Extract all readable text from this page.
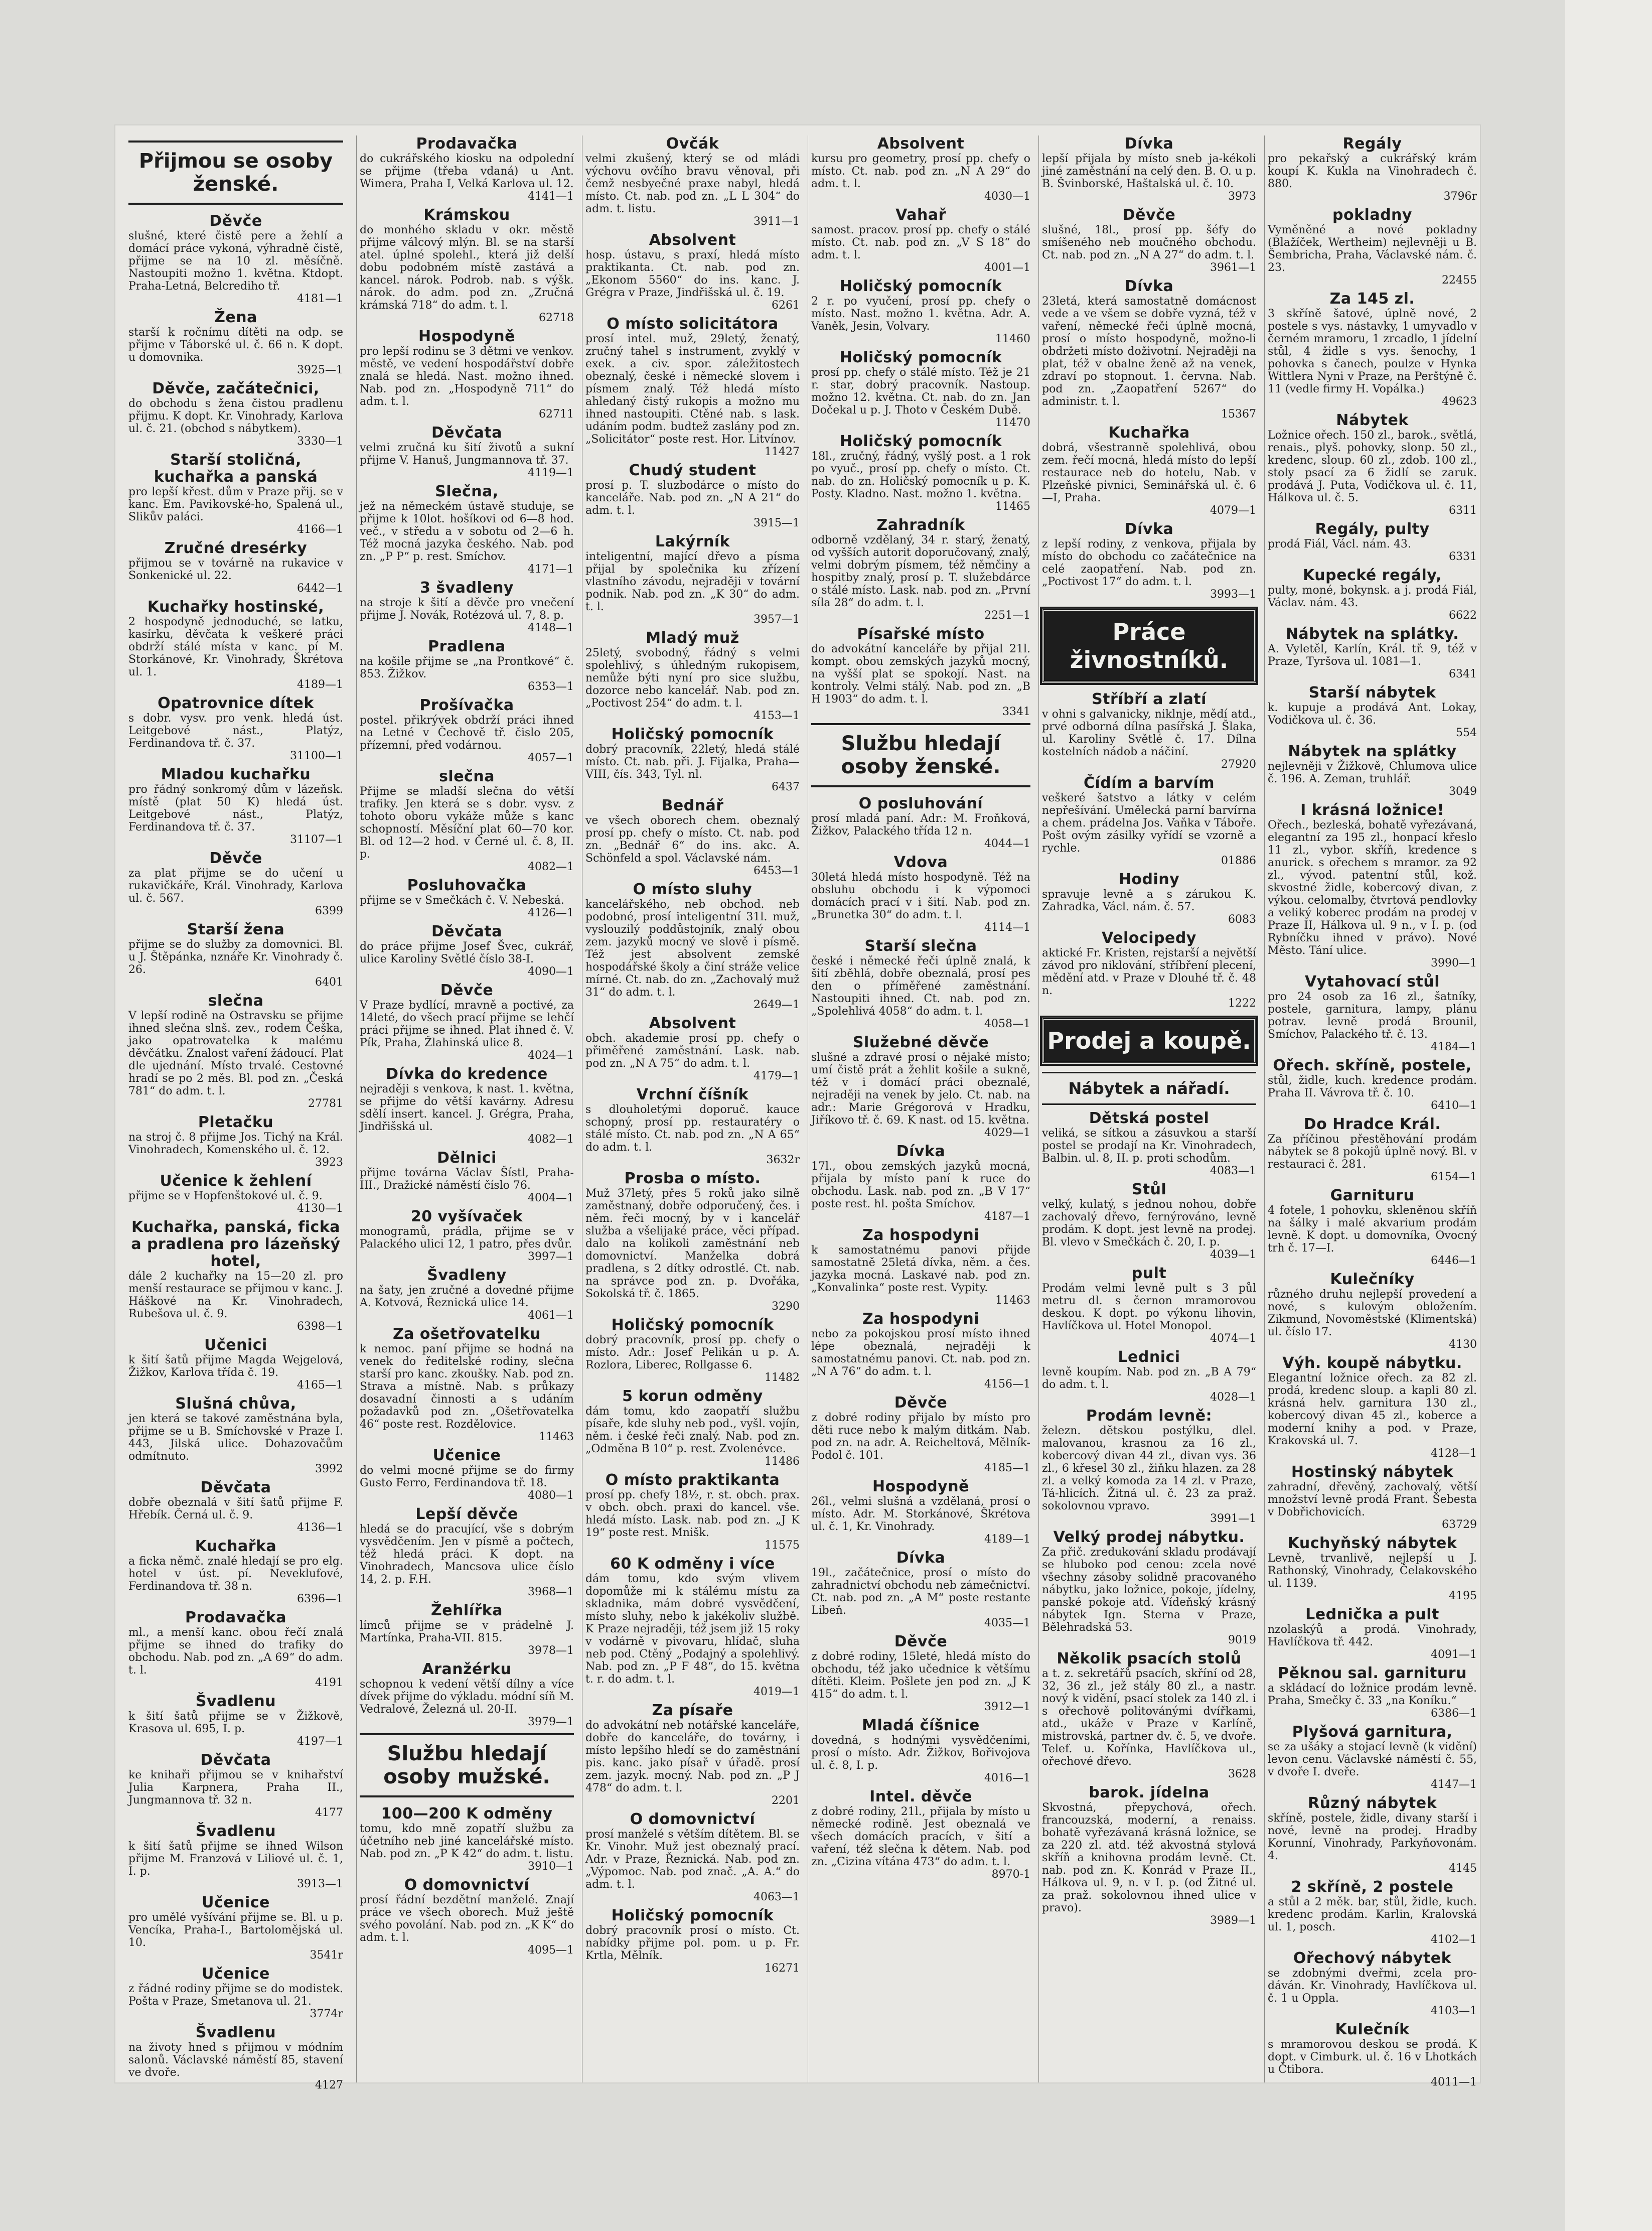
Přijmou se osoby ženské.
Děvče
slušné, které čistě pere a žehlí a domácí práce vykoná, výhradně čistě, přijme se na 10 zl. měsíčně. Nastoupiti možno 1. května. Ktdopt. Praha-Letná, Belcrediho tř.
4181—1
Žena
starší k ročnímu dítěti na odp. se přijme v Táborské ul. č. 66 n. K dopt. u domovnika.
3925—1
Děvče, začátečnici,
do obchodu s žena čistou pradlenu přijmu. K dopt. Kr. Vinohrady, Karlova ul. č. 21. (obchod s nábytkem).
3330—1
Starší stoličná, kuchařka a panská
pro lepší křest. dům v Praze přij. se v kanc. Em. Pavikovské-ho, Spalená ul., Slikův paláci.
4166—1
Zručné dresérky
přijmou se v továrně na rukavice v Sonkenické ul. 22.
6442—1
Kuchařky hostinské,
2 hospodyně jednoduché, se latku, kasírku, děvčata k veškeré práci obdrží stálé místa v kanc. pí M. Storkánové, Kr. Vinohrady, Škrétova ul. 1.
4189—1
Opatrovnice dítek
s dobr. vysv. pro venk. hledá úst. Leitgebové nást., Platýz, Ferdinandova tř. č. 37.
31100—1
Mladou kuchařku
pro řádný sonkromý dům v lázeňsk. místě (plat 50 K) hledá úst. Leitgebové nást., Platýz, Ferdinandova tř. č. 37.
31107—1
Děvče
za plat přijme se do učení u rukavičkáře, Král. Vinohrady, Karlova ul. č. 567.
6399
Starší žena
přijme se do služby za domovnici. Bl. u J. Štěpánka, nznáře Kr. Vinohrady č. 26.
6401
slečna
V lepší rodině na Ostravsku se přijme ihned slečna slnš. zev., rodem Češka, jako opatrovatelka k malému děvčátku. Znalost vaření žádoucí. Plat dle ujednání. Místo trvalé. Cestovné hradí se po 2 měs. Bl. pod zn. „Česká 781“ do adm. t. l.
27781
Pletačku
na stroj č. 8 přijme Jos. Tichý na Král. Vinohradech, Komenského ul. č. 12.
3923
Učenice k žehlení
přijme se v Hopfenštokové ul. č. 9.
4130—1
Kuchařka, panská, ficka a pradlena pro lázeňský hotel,
dále 2 kuchařky na 15—20 zl. pro menší restaurace se přijmou v kanc. J. Háškové na Kr. Vinohradech, Rubešova ul. č. 9.
6398—1
Učenici
k šití šatů přijme Magda Wejgelová, Žižkov, Karlova třída č. 19.
4165—1
Slušná chůva,
jen která se takové zaměstnána byla, přijme se u B. Smíchovské v Praze I. 443, Jilská ulice. Dohazovačům odmítnuto.
3992
Děvčata
dobře obeznalá v šití šatů přijme F. Hřebík. Černá ul. č. 9.
4136—1
Kuchařka
a ficka němč. znalé hledají se pro elg. hotel v úst. pí. Neveklufové, Ferdinandova tř. 38 n.
6396—1
Prodavačka
ml., a menší kanc. obou řečí znalá přijme se ihned do trafiky do obchodu. Nab. pod zn. „A 69“ do adm. t. l.
4191
Švadlenu
k šití šatů přijme se v Žižkově, Krasova ul. 695, I. p.
4197—1
Děvčata
ke knihaři přijmou se v knihařství Julia Karpnera, Praha II., Jungmannova tř. 32 n.
4177
Švadlenu
k šití šatů přijme se ihned Wilson přijme M. Franzová v Liliové ul. č. 1, I. p.
3913—1
Učenice
pro umělé vyšívání přijme se. Bl. u p. Vencíka, Praha-I., Bartolomějská ul. 10.
3541r
Učenice
z řádné rodiny přijme se do modistek. Pošta v Praze, Smetanova ul. 21.
3774r
Švadlenu
na životy hned s přijmou v módním salonů. Václavské náměstí 85, stavení ve dvoře.
4127
Prodavačka
do cukrářského kiosku na odpolední se přijme (třeba vdaná) u Ant. Wimera, Praha I, Velká Karlova ul. 12.
4141—1
Krámskou
do monhého skladu v okr. městě přijme válcový mlýn. Bl. se na starší atel. úplné spolehl., která již delší dobu podobném místě zastává a kancel. nárok. Podrob. nab. s výšk. nárok. do adm. pod zn. „Zručná krámská 718“ do adm. t. l.
62718
Hospodyně
pro lepší rodinu se 3 dětmi ve venkov. městě, ve vedení hospodářství dobře znalá se hledá. Nast. možno ihned. Nab. pod zn. „Hospodyně 711“ do adm. t. l.
62711
Děvčata
velmi zručná ku šití životů a sukní přijme V. Hanuš, Jungmannova tř. 37.
4119—1
Slečna,
jež na německém ústavě studuje, se přijme k 10lot. hošíkovi od 6—8 hod. več., v středu a v sobotu od 2—6 h. Též mocná jazyka českého. Nab. pod zn. „P P“ p. rest. Smíchov.
4171—1
3 švadleny
na stroje k šití a děvče pro vnečení přijme J. Novák, Rotézová ul. 7, 8. p.
4148—1
Pradlena
na košile přijme se „na Prontkové“ č. 853. Žižkov.
6353—1
Prošívačka
postel. přikrývek obdrží práci ihned na Letné v Čechově tř. čislo 205, přízemní, před vodárnou.
4057—1
slečna
Přijme se mladší slečna do větší trafiky. Jen která se s dobr. vysv. z tohoto oboru vykáže může s kanc schopností. Měsíční plat 60—70 kor. Bl. od 12—2 hod. v Černé ul. č. 8, II. p.
4082—1
Posluhovačka
přijme se v Smečkách č. V. Nebeská.
4126—1
Děvčata
do práce přijme Josef Švec, cukrář, ulice Karoliny Světlé číslo 38-I.
4090—1
Děvče
V Praze bydlící, mravně a poctivé, za 14leté, do všech prací přijme se lehčí práci přijme se ihned. Plat ihned č. V. Pík, Praha, Žlahinská ulice 8.
4024—1
Dívka do kredence
nejraději s venkova, k nast. 1. května, se přijme do větší kavárny. Adresu sdělí insert. kancel. J. Grégra, Praha, Jindřišská ul.
4082—1
Dělnici
přijme továrna Václav Šístl, Praha-III., Dražické náměstí číslo 76.
4004—1
20 vyšívaček
monogramů, prádla, přijme se v Palackého ulici 12, 1 patro, přes dvůr.
3997—1
Švadleny
na šaty, jen zručné a dovedné přijme A. Kotvová, Řeznická ulice 14.
4061—1
Za ošetřovatelku
k nemoc. paní přijme se hodná na venek do ředitelské rodiny, slečna starší pro kanc. zkoušky. Nab. pod zn. Strava a místně. Nab. s průkazy dosavadní činnosti a s udáním požadavků pod zn. „Ošetřovatelka 46“ poste rest. Rozdělovice.
11463
Učenice
do velmi mocné přijme se do firmy Gusto Ferro, Ferdinandova tř. 18.
4080—1
Lepší děvče
hledá se do pracující, vše s dobrým vysvědčením. Jen v písmě a počtech, též hledá práci. K dopt. na Vinohradech, Mancsova ulice číslo 14, 2. p. F.H.
3968—1
Žehlířka
límců přijme se v prádelně J. Martínka, Praha-VII. 815.
3978—1
Aranžérku
schopnou k vedení větší dílny a více dívek přijme do výkladu. módní síň M. Vedralové, Železná ul. 20-II.
3979—1
Službu hledají osoby mužské.
100—200 K odměny
tomu, kdo mně zopatří službu za účetního neb jiné kancelářské místo. Nab. pod zn. „P K 42“ do adm. t. listu.
3910—1
O domovnictví
prosí řádní bezdětní manželé. Znají práce ve všech oborech. Muž ještě svého povolání. Nab. pod zn. „K K“ do adm. t. l.
4095—1
Ovčák
velmi zkušený, který se od mládi výchovu ovčího bravu věnoval, při čemž nesbyečné praxe nabyl, hledá místo. Ct. nab. pod zn. „L L 304“ do adm. t. listu.
3911—1
Absolvent
hosp. ústavu, s praxí, hledá místo praktikanta. Ct. nab. pod zn. „Ekonom 5560“ do ins. kanc. J. Grégra v Praze, Jindřišská ul. č. 19.
6261
O místo solicitátora
prosí intel. muž, 29letý, ženatý, zručný tahel s instrument, zvyklý v exek. a civ. spor. záležitostech obeznalý, české i německé slovem i písmem znalý. Též hledá místo ahledaný čistý rukopis a možno mu ihned nastoupiti. Ctěné nab. s lask. udáním podm. budtež zaslány pod zn. „Solicitátor“ poste rest. Hor. Litvínov.
11427
Chudý student
prosí p. T. sluzbodárce o místo do kanceláře. Nab. pod zn. „N A 21“ do adm. t. l.
3915—1
Lakýrník
inteligentní, mající dřevo a písma přijal by společnika ku zřízení vlastního závodu, nejraději v tovární podnik. Nab. pod zn. „K 30“ do adm. t. l.
3957—1
Mladý muž
25letý, svobodný, řádný s velmi spolehlivý, s úhledným rukopisem, nemůže býti nyní pro sice službu, dozorce nebo kancelář. Nab. pod zn. „Poctivost 254“ do adm. t. l.
4153—1
Holičský pomocník
dobrý pracovník, 22letý, hledá stálé místo. Ct. nab. při. J. Fijalka, Praha—VIII, čís. 343, Tyl. nl.
6437
Bednář
ve všech oborech chem. obeznalý prosí pp. chefy o místo. Ct. nab. pod zn. „Bednář 6“ do ins. akc. A. Schönfeld a spol. Václavské nám.
6453—1
O místo sluhy
kancelářského, neb obchod. neb podobné, prosí inteligentní 31l. muž, vyslouzilý poddůstojník, znalý obou zem. jazyků mocný ve slově i písmě. Též jest absolvent zemské hospodářské školy a činí stráže velice mírné. Ct. nab. do zn. „Zachovalý muž 31“ do adm. t. l.
2649—1
Absolvent
obch. akademie prosí pp. chefy o přiměřené zaměstnání. Lask. nab. pod zn. „N A 75“ do adm. t. l.
4179—1
Vrchní číšník
s dlouholetými doporuč. kauce schopný, prosí pp. restauratéry o stálé místo. Ct. nab. pod zn. „N A 65“ do adm. t. l.
3632r
Prosba o místo.
Muž 37letý, přes 5 roků jako silně zaměstnaný, dobře odporučený, čes. i něm. řeči mocný, by v i kancelář služba a všelijaké práce, věci případ. dalo na kolikoli zaměstnání neb domovnictví. Manželka dobrá pradlena, s 2 dítky odrostlé. Ct. nab. na správce pod zn. p. Dvořáka, Sokolská tř. č. 1865.
3290
Holičský pomocník
dobrý pracovník, prosí pp. chefy o místo. Adr.: Josef Pelikán u p. A. Rozlora, Liberec, Rollgasse 6.
11482
5 korun odměny
dám tomu, kdo zaopatří službu písaře, kde sluhy neb pod., vyšl. vojín, něm. i české řeči znalý. Nab. pod zn. „Odměna B 10“ p. rest. Zvolenévce.
11486
O místo praktikanta
prosí pp. chefy 18½, r. st. obch. prax. v obch. obch. praxi do kancel. vše. hledá místo. Lask. nab. pod zn. „J K 19“ poste rest. Mnišk.
11575
60 K odměny i více
dám tomu, kdo svým vlivem dopomůže mi k stálému místu za skladnika, mám dobré vysvědčení, místo sluhy, nebo k jakékoliv službě. K Praze nejraději, též jsem již 15 roky v vodárně v pivovaru, hlídač, sluha neb pod. Ctěný „Podajný a spolehlivý. Nab. pod zn. „P F 48“, do 15. května t. r. do adm. t. l.
4019—1
Za písaře
do advokátní neb notářské kanceláře, dobře do kanceláře, do továrny, i místo lepšího hledí se do zaměstnání pis. kanc. jako písař v úřadě. prosí zem. jazyk. mocný. Nab. pod zn. „P J 478“ do adm. t. l.
2201
O domovnictví
prosí manželé s větším dítětem. Bl. se Kr. Vinohr. Muž jest obeznalý prací. Adr. v Praze, Řeznická. Nab. pod zn. „Výpomoc. Nab. pod znač. „A. A.“ do adm. t. l.
4063—1
Holičský pomocník
dobrý pracovník prosí o místo. Ct. nabídky přijme pol. pom. u p. Fr. Krtla, Mělník.
16271
Absolvent
kursu pro geometry, prosí pp. chefy o místo. Ct. nab. pod zn. „N A 29“ do adm. t. l.
4030—1
Vahař
samost. pracov. prosí pp. chefy o stálé místo. Ct. nab. pod zn. „V S 18“ do adm. t. l.
4001—1
Holičský pomocník
2 r. po vyučení, prosí pp. chefy o místo. Nast. možno 1. května. Adr. A. Vaněk, Jesin, Volvary.
11460
Holičský pomocník
prosí pp. chefy o stálé místo. Též je 21 r. star, dobrý pracovník. Nastoup. možno 12. května. Ct. nab. do zn. Jan Dočekal u p. J. Thoto v Českém Dubě.
11470
Holičský pomocník
18l., zručný, řádný, vyšlý post. a 1 rok po vyuč., prosí pp. chefy o místo. Ct. nab. do zn. Holičský pomocník u p. K. Posty. Kladno. Nast. možno 1. května.
11465
Zahradník
odborně vzdělaný, 34 r. starý, ženatý, od vyšších autorit doporučovaný, znalý, velmi dobrým písmem, též němčiny a hospitby znalý, prosí p. T. služebdárce o stálé místo. Lask. nab. pod zn. „První síla 28“ do adm. t. l.
2251—1
Písařské místo
do advokátní kanceláře by přijal 21l. kompt. obou zemských jazyků mocný, na vyšší plat se spokojí. Nast. na kontroly. Velmi stálý. Nab. pod zn. „B H 1903“ do adm. t. l.
3341
Službu hledají osoby ženské.
O posluhování
prosí mladá paní. Adr.: M. Froňková, Žižkov, Palackého třída 12 n.
4044—1
Vdova
30letá hledá místo hospodyně. Též na obsluhu obchodu i k výpomoci domácích prací v i šití. Nab. pod zn. „Brunetka 30“ do adm. t. l.
4114—1
Starší slečna
české i německé řeči úplně znalá, k šití zběhlá, dobře obeznalá, prosí pes den o příměřené zaměstnání. Nastoupiti ihned. Ct. nab. pod zn. „Spolehlivá 4058“ do adm. t. l.
4058—1
Služebné děvče
slušné a zdravé prosí o nějaké místo; umí čistě prát a žehlit košile a sukně, též v i domácí práci obeznalé, nejraději na venek by jelo. Ct. nab. na adr.: Marie Grégorová v Hradku, Jiříkovo tř. č. 69. K nast. od 15. května.
4029—1
Dívka
17l., obou zemských jazyků mocná, přijala by místo paní k ruce do obchodu. Lask. nab. pod zn. „B V 17“ poste rest. hl. pošta Smíchov.
4187—1
Za hospodyni
k samostatnému panovi přijde samostatně 25letá dívka, něm. a čes. jazyka mocná. Laskavé nab. pod zn. „Konvalinka“ poste rest. Vypity.
11463
Za hospodyni
nebo za pokojskou prosí místo ihned lépe obeznalá, nejraději k samostatnému panovi. Ct. nab. pod zn. „N A 76“ do adm. t. l.
4156—1
Děvče
z dobré rodiny přijalo by místo pro děti ruce nebo k malým ditkám. Nab. pod zn. na adr. A. Reicheltová, Mělník-Podol č. 101.
4185—1
Hospodyně
26l., velmi slušná a vzdělaná, prosí o místo. Adr. M. Storkánové, Škrétova ul. č. 1, Kr. Vinohrady.
4189—1
Dívka
19l., začátečnice, prosí o místo do zahradnictví obchodu neb zámečnictví. Ct. nab. pod zn. „A M“ poste restante Libeň.
4035—1
Děvče
z dobré rodiny, 15leté, hledá místo do obchodu, též jako učednice k většímu dítěti. Kleim. Pošlete jen pod zn. „J K 415“ do adm. t. l.
3912—1
Mladá číšnice
dovedná, s hodnými vysvědčeními, prosí o místo. Adr. Žižkov, Bořivojova ul. č. 8, I. p.
4016—1
Intel. děvče
z dobré rodiny, 21l., přijala by místo u německé rodině. Jest obeznalá ve všech domácích pracích, v šití a vaření, též slečna k dětem. Nab. pod zn. „Cizina vítána 473“ do adm. t. l.
8970-1
Dívka
lepší přijala by místo sneb ja-kékoli jiné zaměstnání na celý den. B. O. u p. B. Švinborské, Haštalská ul. č. 10.
3973
Děvče
slušné, 18l., prosí pp. šéfy do smíšeného neb moučného obchodu. Ct. nab. pod zn. „N A 27“ do adm. t. l.
3961—1
Dívka
23letá, která samostatně domácnost vede a ve všem se dobře vyzná, též v vaření, německé řeči úplně mocná, prosí o místo hospodyně, možno-li obdržeti místo doživotní. Nejraději na plat, též v obalne ženě až na venek, zdraví po stopnout. 1. června. Nab. pod zn. „Zaopatření 5267“ do administr. t. l.
15367
Kuchařka
dobrá, všestranně spolehlivá, obou zem. řečí mocná, hledá místo do lepší restaurace neb do hotelu, Nab. v Plzeňské pivnici, Seminářská ul. č. 6—I, Praha.
4079—1
Dívka
z lepší rodiny, z venkova, přijala by místo do obchodu co začátečnice na celé zaopatření. Nab. pod zn. „Poctivost 17“ do adm. t. l.
3993—1
Práce živnostníků.
Stříbří a zlatí
v ohni s galvanicky, niklnje, mědí atd., prvé odborná dílna pasířská J. Šlaka, ul. Karoliny Světlé č. 17. Dílna kostelních nádob a náčiní.
27920
Čídím a barvím
veškeré šatstvo a látky v celém nepřešívání. Umělecká parní barvírna a chem. prádelna Jos. Vaňka v Táboře. Pošt ovým zásilky vyřídí se vzorně a rychle.
01886
Hodiny
spravuje levně a s zárukou K. Zahradka, Václ. nám. č. 57.
6083
Velocipedy
aktické Fr. Kristen, rejstarší a největší závod pro niklování, stříbření plecení, mědění atd. v Praze v Dlouhé tř. č. 48 n.
1222
Prodej a koupě.
Nábytek a nářadí.
Dětská postel
veliká, se sítkou a zásuvkou a starší postel se prodají na Kr. Vinohradech, Balbin. ul. 8, II. p. proti schodům.
4083—1
Stůl
velký, kulatý, s jednou nohou, dobře zachovalý dřevo, fernýrováno, levně prodám. K dopt. jest levně na prodej. Bl. vlevo v Smečkách č. 20, I. p.
4039—1
pult
Prodám velmi levně pult s 3 půl metru dl. s černon mramorovou deskou. K dopt. po výkonu lihovin, Havlíčkova ul. Hotel Monopol.
4074—1
Lednici
levně koupím. Nab. pod zn. „B A 79“ do adm. t. l.
4028—1
Prodám levně:
železn. dětskou postýlku, dlel. malovanou, krasnou za 16 zl., kobercový divan 44 zl., divan vys. 36 zl., 6 křesel 30 zl., žiňku hlazen. za 28 zl. a velký komoda za 14 zl. v Praze, Tá-hlicích. Žitná ul. č. 23 za praž. sokolovnou vpravo.
3991—1
Velký prodej nábytku.
Za přič. zredukování skladu prodávají se hluboko pod cenou: zcela nové všechny zásoby solidně pracovaného nábytku, jako ložnice, pokoje, jídelny, panské pokoje atd. Vídeňský krásný nábytek Ign. Sterna v Praze, Bělehradská 53.
9019
Několik psacích stolů
a t. z. sekretářů psacích, skříní od 28, 32, 36 zl., jež stály 80 zl., a nastr. nový k vidění, psací stolek za 140 zl. i s ořechově politovánými dvířkami, atd., ukáže v Praze v Karlíně, mistrovská, partner dv. č. 5, ve dvoře. Telef. u. Kořínka, Havlíčkova ul., ořechové dřevo.
3628
barok. jídelna
Skvostná, přepychová, ořech. francouzská, moderní, a renaiss. bohatě vyřezávaná krásná ložnice, se za 220 zl. atd. též akvostná stylová skříň a knihovna prodám levně. Ct. nab. pod zn. K. Konrád v Praze II., Hálkova ul. 9, n. v I. p. (od Žitné ul. za praž. sokolovnou ihned ulice v pravo).
3989—1
Regály
pro pekařský a cukrářský krám koupí K. Kukla na Vinohradech č. 880.
3796r
pokladny
Vyměněné a nové pokladny (Blažíček, Wertheim) nejlevněji u B. Šembricha, Praha, Václavské nám. č. 23.
22455
Za 145 zl.
3 skříně šatové, úplně nové, 2 postele s vys. nástavky, 1 umyvadlo v černém mramoru, 1 zrcadlo, 1 jídelní stůl, 4 židle s vys. šenochy, 1 pohovka s čanech, poulze v Hynka Wittlera Nyni v Praze, na Perštýně č. 11 (vedle firmy H. Vopálka.)
49623
Nábytek
Ložnice ořech. 150 zl., barok., světlá, renais., plyš. pohovky, slonp. 50 zl., kredenc, sloup. 60 zl., zdob. 100 zl., stoly psací za 6 židlí se zaruk. prodává J. Puta, Vodičkova ul. č. 11, Hálkova ul. č. 5.
6311
Regály, pulty
prodá Fiál, Václ. nám. 43.
6331
Kupecké regály,
pulty, moné, bokynsk. a j. prodá Fiál, Václav. nám. 43.
6622
Nábytek na splátky.
A. Vyletěl, Karlín, Král. tř. 9, též v Praze, Tyršova ul. 1081—1.
6341
Starší nábytek
k. kupuje a prodává Ant. Lokay, Vodičkova ul. č. 36.
554
Nábytek na splátky
nejlevněji v Žižkově, Chlumova ulice č. 196. A. Zeman, truhlář.
3049
I krásná ložnice!
Ořech., bezleská, bohatě vyřezávaná, elegantní za 195 zl., honpací křeslo 11 zl., vybor. skříň, kredence s anurick. s ořechem s mramor. za 92 zl., vývod. patentní stůl, kož. skvostné židle, kobercový divan, z výkou. celomalby, čtvrtová pendlovky a veliký koberec prodám na prodej v Praze II, Hálkova ul. 9 n., v I. p. (od Rybníčku ihned v právo). Nové Město. Tání ulice.
3990—1
Vytahovací stůl
pro 24 osob za 16 zl., šatníky, postele, garnitura, lampy, plánu potrav. levně prodá Brounil, Smíchov, Palackého tř. č. 13.
4184—1
Ořech. skříně, postele,
stůl, židle, kuch. kredence prodám. Praha II. Vávrova tř. č. 10.
6410—1
Do Hradce Král.
Za příčinou přestěhování prodám nábytek se 8 pokojů úplně nový. Bl. v restauraci č. 281.
6154—1
Garnituru
4 fotele, 1 pohovku, skleněnou skříň na šálky i malé akvarium prodám levně. K dopt. u domovníka, Ovocný trh č. 17—I.
6446—1
Kulečníky
různého druhu nejlepší provedení a nové, s kulovým obložením. Zikmund, Novoměstské (Klimentská) ul. číslo 17.
4130
Výh. koupě nábytku.
Elegantní ložnice ořech. za 82 zl. prodá, kredenc sloup. a kapli 80 zl. krásná helv. garnitura 130 zl., kobercový divan 45 zl., koberce a moderní knihy a pod. v Praze, Krakovská ul. 7.
4128—1
Hostinský nábytek
zahradní, dřevěný, zachovalý, větší množství levně prodá Frant. Šebesta v Dobřichovicích.
63729
Kuchyňský nábytek
Levně, trvanlivě, nejlepší u J. Rathonský, Vinohrady, Čelakovského ul. 1139.
4195
Lednička a pult
nzolaskýů a prodá. Vinohrady, Havlíčkova tř. 442.
4091—1
Pěknou sal. garnituru
a skládací do ložnice prodám levně. Praha, Smečky č. 33 „na Koníku.“
6386—1
Plyšová garnitura,
se za ušáky a stojací levně (k vidění) levon cenu. Václavské náměstí č. 55, v dvoře I. dveře.
4147—1
Různý nábytek
skříně, postele, židle, divany starší i nové, levně na prodej. Hradby Korunní, Vinohrady, Parkyňovonám. 4.
4145
2 skříně, 2 postele
a stůl a 2 měk. bar, stůl, židle, kuch. kredenc prodám. Karlin, Kralovská ul. 1, posch.
4102—1
Ořechový nábytek
se zdobnými dveřmi, zcela pro-dáván. Kr. Vinohrady, Havlíčkova ul. č. 1 u Oppla.
4103—1
Kulečník
s mramorovou deskou se prodá. K dopt. v Cimburk. ul. č. 16 v Lhotkách u Čtibora.
4011—1
